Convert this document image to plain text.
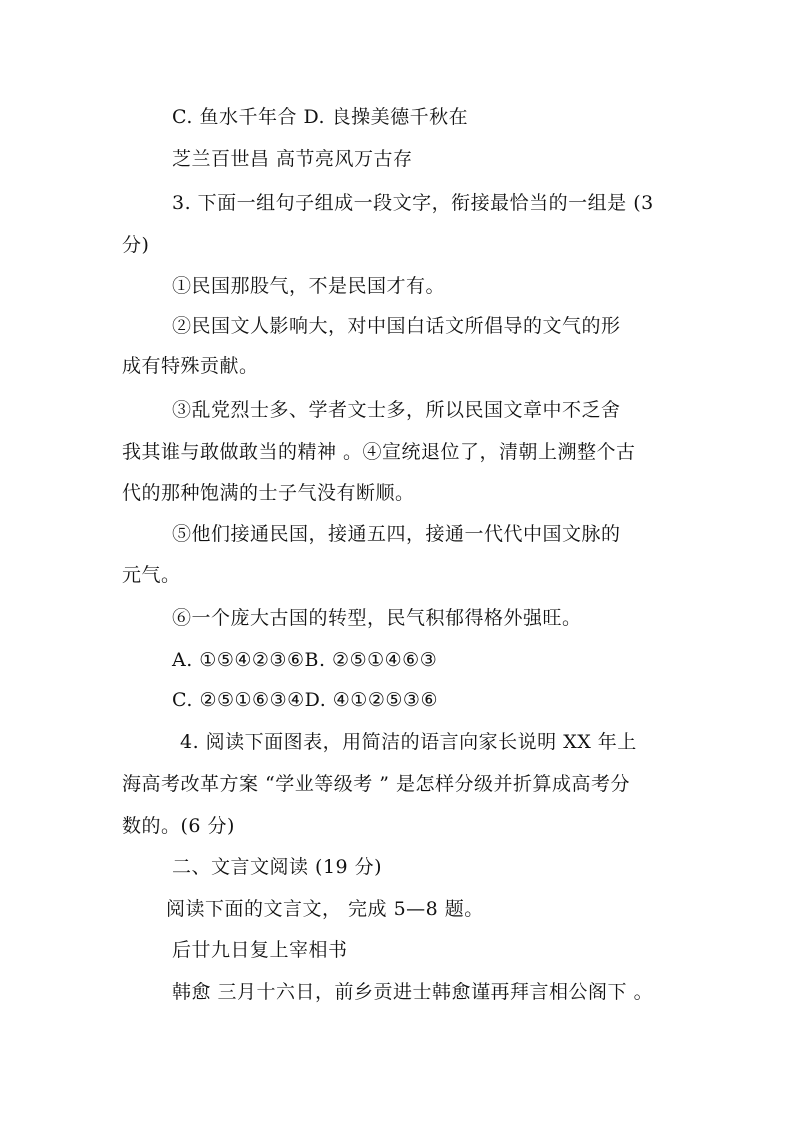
C. 鱼水千年合 D. 良操美德千秋在
芝兰百世昌 高节亮风万古存
3. 下面一组句子组成一段文字，衔接最恰当的一组是 (3
分)
①民国那股气，不是民国才有。
②民国文人影响大，对中国白话文所倡导的文气的形
成有特殊贡献。
③乱党烈士多、学者文士多，所以民国文章中不乏舍
我其谁与敢做敢当的精神 。④宣统退位了，清朝上溯整个古
代的那种饱满的士子气没有断顺。
⑤他们接通民国，接通五四，接通一代代中国文脉的
元气。
⑥一个庞大古国的转型，民气积郁得格外强旺。
A. ①⑤④②③⑥B. ②⑤①④⑥③
C. ②⑤①⑥③④D. ④①②⑤③⑥
4. 阅读下面图表，用简洁的语言向家长说明 XX 年上
海高考改革方案 “学业等级考 ” 是怎样分级并折算成高考分
数的。(6 分)
二、文言文阅读 (19 分)
阅读下面的文言文， 完成 5—8 题。
后廿九日复上宰相书
韩愈 三月十六日，前乡贡进士韩愈谨再拜言相公阁下 。
